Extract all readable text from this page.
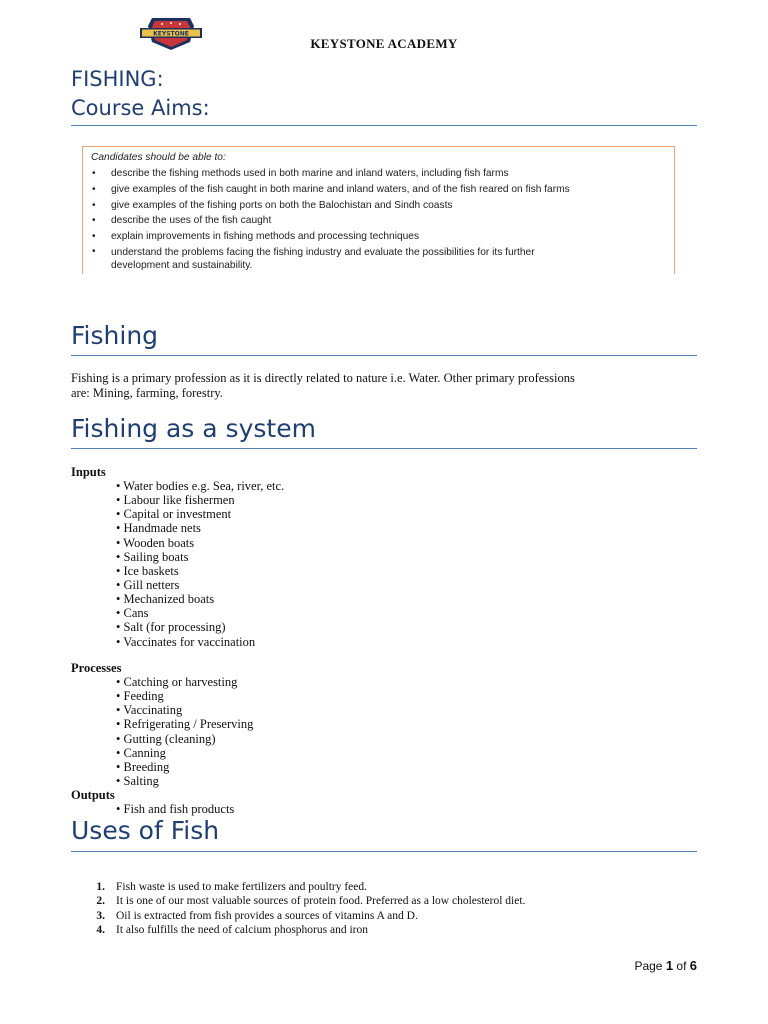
KEYSTONE
KEYSTONE ACADEMY
FISHING:
Course Aims:
Candidates should be able to:
• describe the fishing methods used in both marine and inland waters, including fish farms
• give examples of the fish caught in both marine and inland waters, and of the fish reared on fish farms
• give examples of the fishing ports on both the Balochistan and Sindh coasts
• describe the uses of the fish caught
• explain improvements in fishing methods and processing techniques
• understand the problems facing the fishing industry and evaluate the possibilities for its further
development and sustainability.
Fishing
Fishing is a primary profession as it is directly related to nature i.e. Water. Other primary professions
are: Mining, farming, forestry.
Fishing as a system
Inputs
• Water bodies e.g. Sea, river, etc.
• Labour like fishermen
• Capital or investment
• Handmade nets
• Wooden boats
• Sailing boats
• Ice baskets
• Gill netters
• Mechanized boats
• Cans
• Salt (for processing)
• Vaccinates for vaccination
Processes
• Catching or harvesting
• Feeding
• Vaccinating
• Refrigerating / Preserving
• Gutting (cleaning)
• Canning
• Breeding
• Salting
Outputs
• Fish and fish products
Uses of Fish
1. Fish waste is used to make fertilizers and poultry feed.
2. It is one of our most valuable sources of protein food. Preferred as a low cholesterol diet.
3. Oil is extracted from fish provides a sources of vitamins A and D.
4. It also fulfills the need of calcium phosphorus and iron
Page 1 of 6
